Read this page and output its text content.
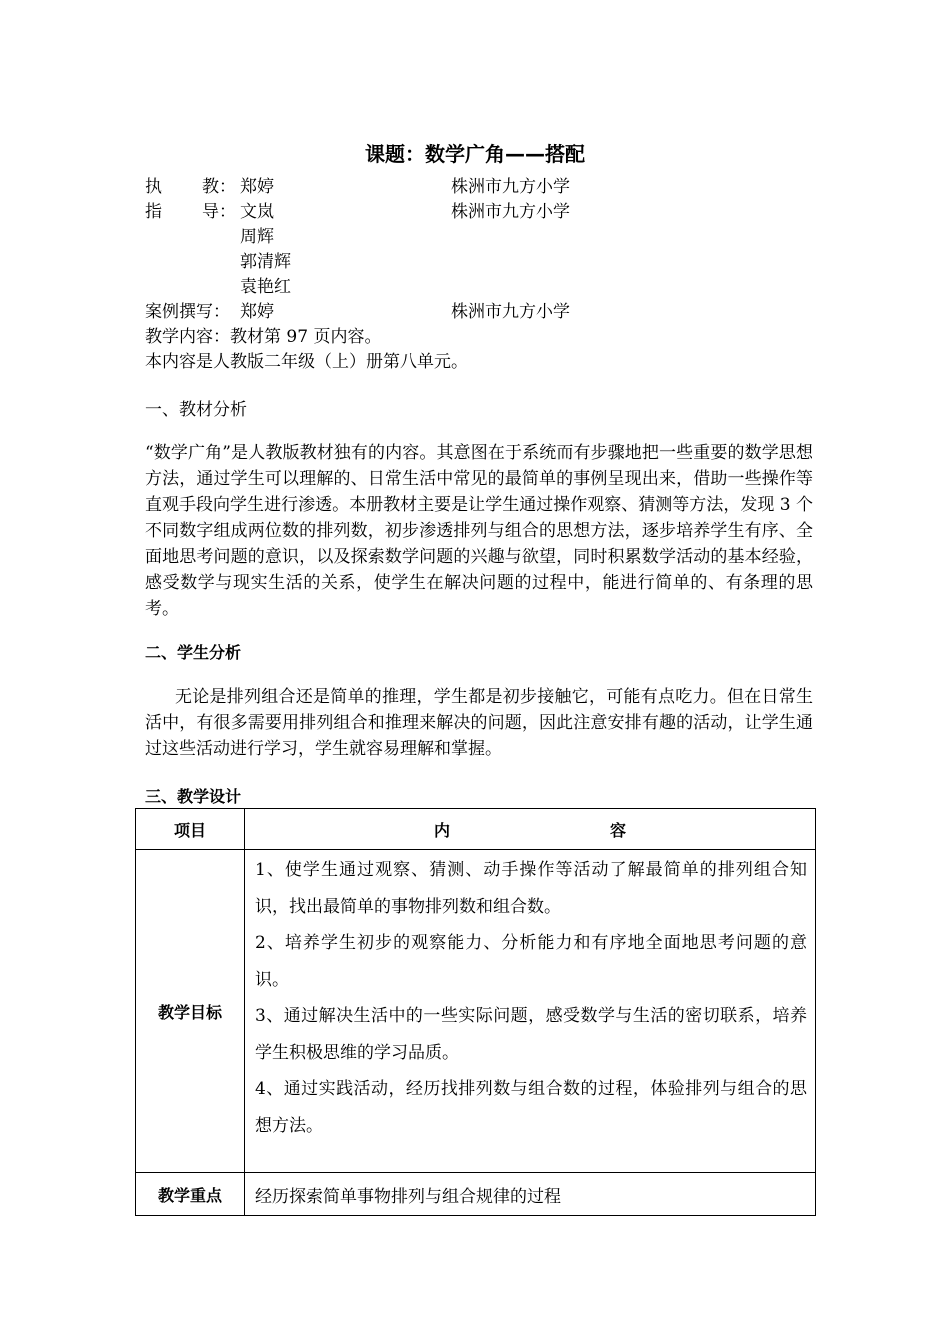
课题：数学广角——搭配
执 教： 郑婷	株洲市九方小学
指 导： 文岚	株洲市九方小学
周辉
郭清辉
袁艳红
案例撰写： 郑婷	株洲市九方小学
教学内容：教材第 97 页内容。
本内容是人教版二年级（上）册第八单元。
一、教材分析
“数学广角”是人教版教材独有的内容。其意图在于系统而有步骤地把一些重要的数学思想方法，通过学生可以理解的、日常生活中常见的最简单的事例呈现出来，借助一些操作等直观手段向学生进行渗透。本册教材主要是让学生通过操作观察、猜测等方法，发现 3 个不同数字组成两位数的排列数，初步渗透排列与组合的思想方法，逐步培养学生有序、全面地思考问题的意识，以及探索数学问题的兴趣与欲望，同时积累数学活动的基本经验，感受数学与现实生活的关系，使学生在解决问题的过程中，能进行简单的、有条理的思考。
二、学生分析
无论是排列组合还是简单的推理，学生都是初步接触它，可能有点吃力。但在日常生活中，有很多需要用排列组合和推理来解决的问题，因此注意安排有趣的活动，让学生通过这些活动进行学习，学生就容易理解和掌握。
三、教学设计
项目	内 容
教学目标	1、使学生通过观察、猜测、动手操作等活动了解最简单的排列组合知识，找出最简单的事物排列数和组合数。
2、培养学生初步的观察能力、分析能力和有序地全面地思考问题的意识。
3、通过解决生活中的一些实际问题，感受数学与生活的密切联系，培养学生积极思维的学习品质。
4、通过实践活动，经历找排列数与组合数的过程，体验排列与组合的思想方法。

教学重点	经历探索简单事物排列与组合规律的过程
